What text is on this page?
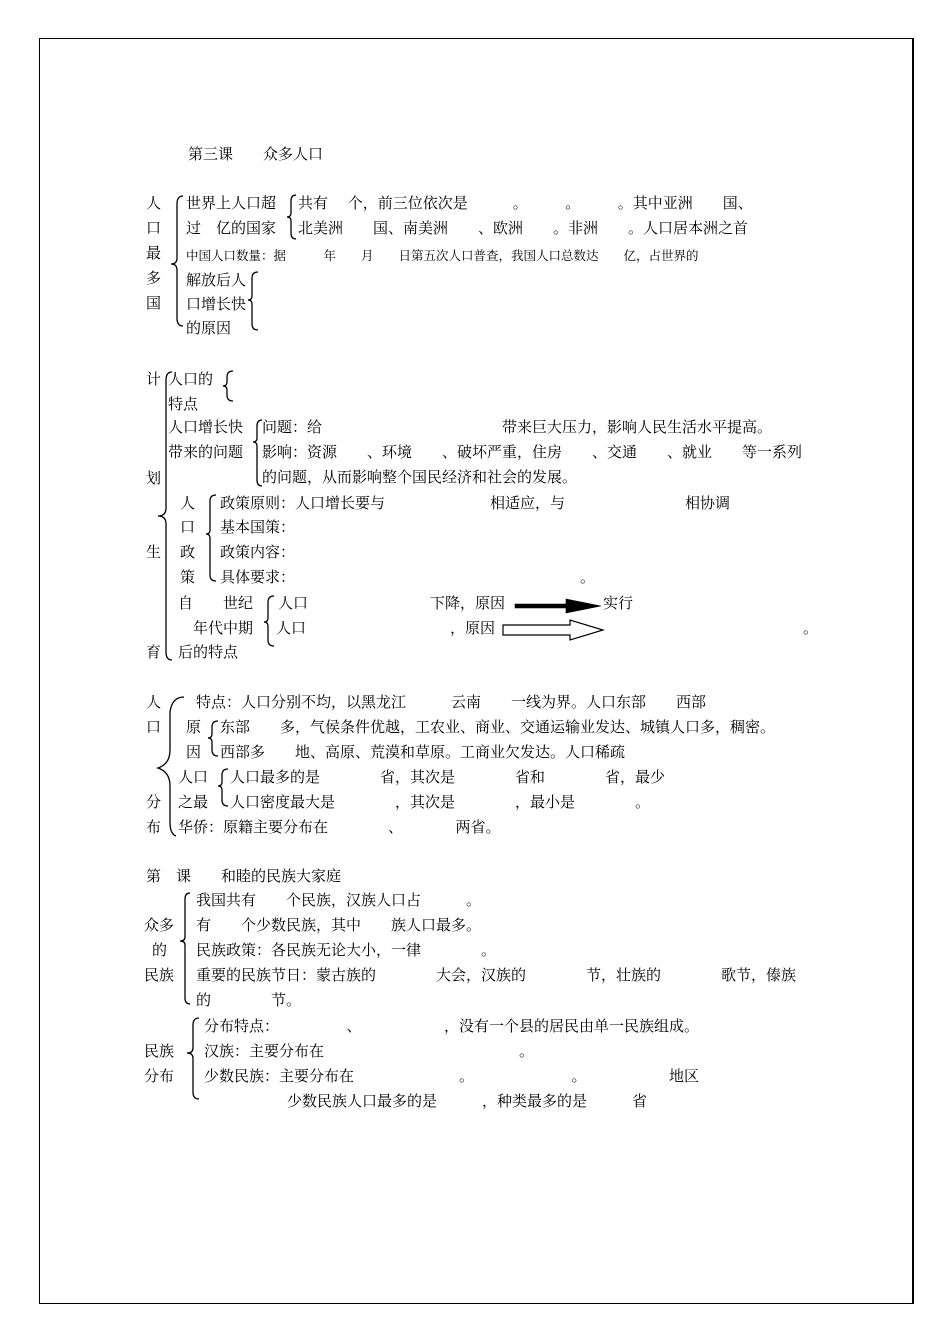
第三课　　众多人口
人
口
最
多
国
世界上人口超 共有　 个，前三位依次是　　　。　　　。　　　。其中亚洲　　国、
过　亿的国家 北美洲　　国、南美洲　　、欧洲　　。非洲　　。人口居本洲之首
中国人口数量：据　　　年　　月　　日第五次人口普查，我国人口总数达　　亿，占世界的
解放后人
口增长快
的原因
计
划
生
育
人口的
特点
人口增长快
带来的问题
问题：给　　　　　　　　　　　　带来巨大压力，影响人民生活水平提高。
影响：资源　　、环境　　、破坏严重，住房　　、交通　　、就业　　等一系列
的问题，从而影响整个国民经济和社会的发展。
人
口
政
策
政策原则：人口增长要与　　　　　　　相适应，与　　　　　　　　相协调
基本国策：
政策内容：
具体要求：	。
自　　世纪
　年代中期
后的特点
人口	下降，原因	实行
人口	，原因	。
人
口
分
布
特点：人口分别不均，以黑龙江　　　云南　　一线为界。人口东部　　西部
原
因
东部　　多，气侯条件优越，工农业、商业、交通运输业发达、城镇人口多，稠密。
西部多　　地、高原、荒漠和草原。工商业欠发达。人口稀疏
人口
之最
人口最多的是　　　　省，其次是　　　　省和　　　　省，最少
人口密度最大是　　　　，其次是　　　　，最小是　　　　。
华侨：原籍主要分布在　　　　、　　　　两省。
第　课　　和睦的民族大家庭
众多
的
民族
我国共有　　个民族，汉族人口占　　　。
有　　个少数民族，其中　　族人口最多。
民族政策：各民族无论大小，一律　　　　。
重要的民族节日：蒙古族的　　　　大会，汉族的　　　　节，壮族的　　　　歌节，傣族
的　　　　节。
民族
分布
分布特点：　　　　　、　　　　　　，没有一个县的居民由单一民族组成。
汉族：主要分布在　　　　　　　　　　　　　。
少数民族：主要分布在　　　　　　　。　　　　　　　。　　　　　　地区
少数民族人口最多的是　　　，种类最多的是　　　省
